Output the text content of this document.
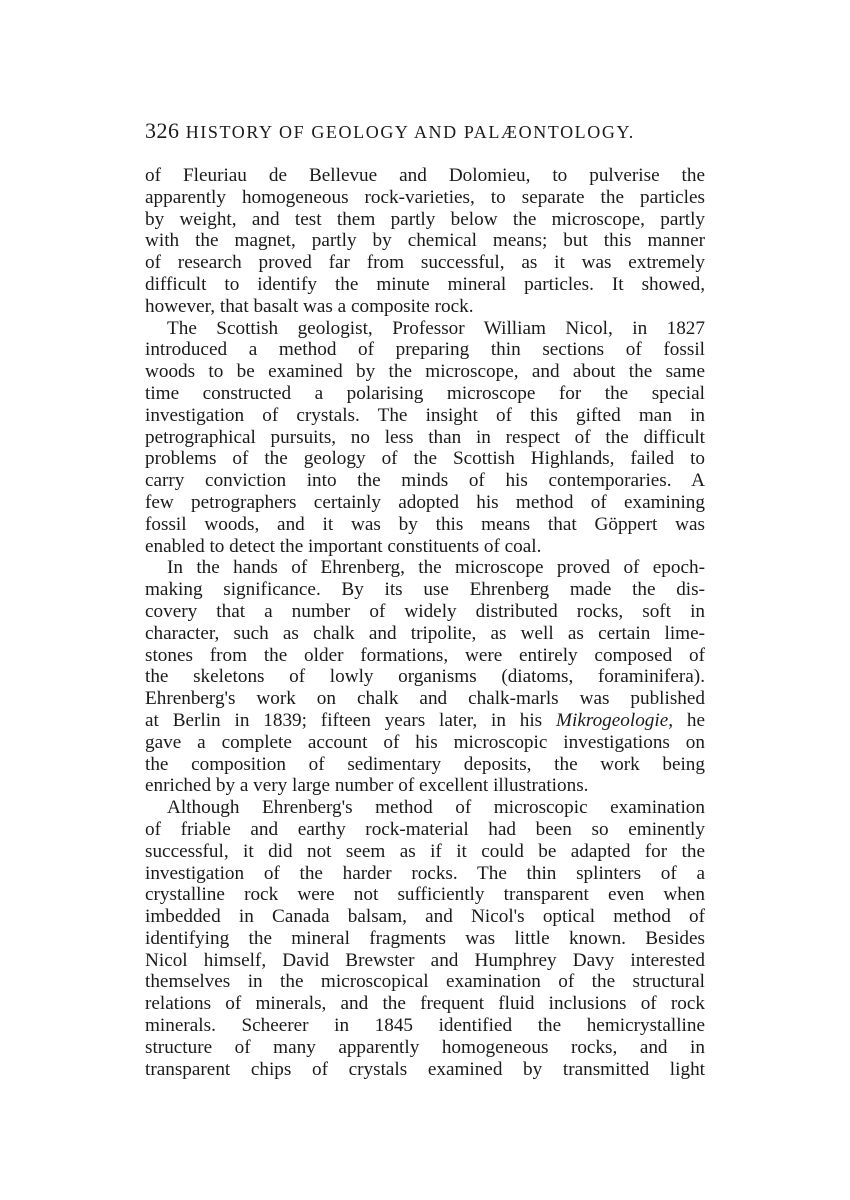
326 HISTORY OF GEOLOGY AND PALÆONTOLOGY.
of Fleuriau de Bellevue and Dolomieu, to pulverise the
apparently homogeneous rock-varieties, to separate the particles
by weight, and test them partly below the microscope, partly
with the magnet, partly by chemical means; but this manner
of research proved far from successful, as it was extremely
difficult to identify the minute mineral particles. It showed,
however, that basalt was a composite rock.
The Scottish geologist, Professor William Nicol, in 1827
introduced a method of preparing thin sections of fossil
woods to be examined by the microscope, and about the same
time constructed a polarising microscope for the special
investigation of crystals. The insight of this gifted man in
petrographical pursuits, no less than in respect of the difficult
problems of the geology of the Scottish Highlands, failed to
carry conviction into the minds of his contemporaries. A
few petrographers certainly adopted his method of examining
fossil woods, and it was by this means that Göppert was
enabled to detect the important constituents of coal.
In the hands of Ehrenberg, the microscope proved of epoch-
making significance. By its use Ehrenberg made the dis-
covery that a number of widely distributed rocks, soft in
character, such as chalk and tripolite, as well as certain lime-
stones from the older formations, were entirely composed of
the skeletons of lowly organisms (diatoms, foraminifera).
Ehrenberg's work on chalk and chalk-marls was published
at Berlin in 1839; fifteen years later, in his Mikrogeologie, he
gave a complete account of his microscopic investigations on
the composition of sedimentary deposits, the work being
enriched by a very large number of excellent illustrations.
Although Ehrenberg's method of microscopic examination
of friable and earthy rock-material had been so eminently
successful, it did not seem as if it could be adapted for the
investigation of the harder rocks. The thin splinters of a
crystalline rock were not sufficiently transparent even when
imbedded in Canada balsam, and Nicol's optical method of
identifying the mineral fragments was little known. Besides
Nicol himself, David Brewster and Humphrey Davy interested
themselves in the microscopical examination of the structural
relations of minerals, and the frequent fluid inclusions of rock
minerals. Scheerer in 1845 identified the hemicrystalline
structure of many apparently homogeneous rocks, and in
transparent chips of crystals examined by transmitted light
